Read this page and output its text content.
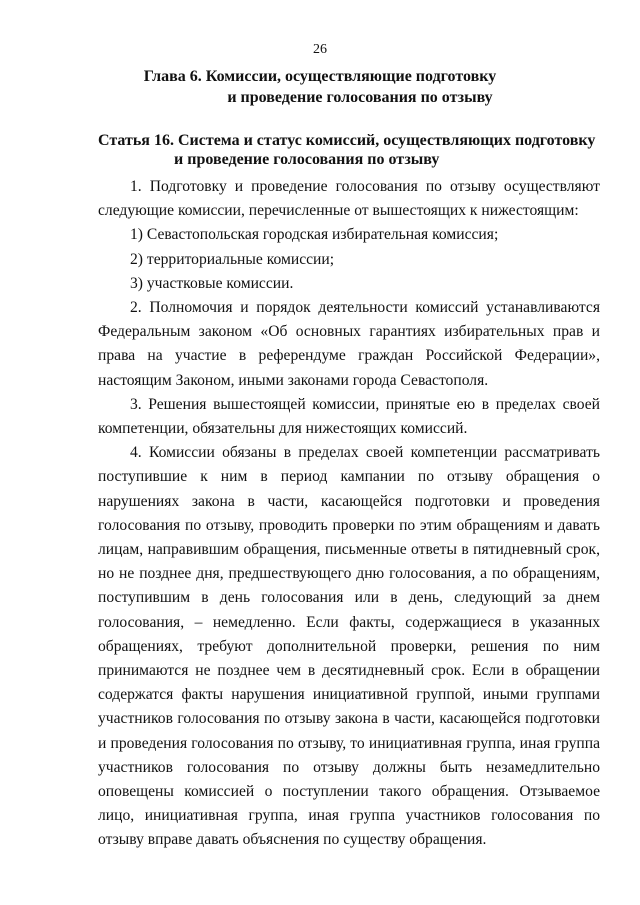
26
Глава 6. Комиссии, осуществляющие подготовку
и проведение голосования по отзыву
Статья 16. Система и статус комиссий, осуществляющих подготовку
и проведение голосования по отзыву

1. Подготовку и проведение голосования по отзыву осуществляют следующие комиссии, перечисленные от вышестоящих к нижестоящим:

1) Севастопольская городская избирательная комиссия;

2) территориальные комиссии;

3) участковые комиссии.

2. Полномочия и порядок деятельности комиссий устанавливаются Федеральным законом «Об основных гарантиях избирательных прав и права на участие в референдуме граждан Российской Федерации», настоящим Законом, иными законами города Севастополя.

3. Решения вышестоящей комиссии, принятые ею в пределах своей компетенции, обязательны для нижестоящих комиссий.

4. Комиссии обязаны в пределах своей компетенции рассматривать поступившие к ним в период кампании по отзыву обращения о нарушениях закона в части, касающейся подготовки и проведения голосования по отзыву, проводить проверки по этим обращениям и давать лицам, направившим обращения, письменные ответы в пятидневный срок, но не позднее дня, предшествующего дню голосования, а по обращениям, поступившим в день голосования или в день, следующий за днем голосования, – немедленно. Если факты, содержащиеся в указанных обращениях, требуют дополнительной проверки, решения по ним принимаются не позднее чем в десятидневный срок. Если в обращении содержатся факты нарушения инициативной группой, иными группами участников голосования по отзыву закона в части, касающейся подготовки и проведения голосования по отзыву, то инициативная группа, иная группа участников голосования по отзыву должны быть незамедлительно оповещены комиссией о поступлении такого обращения. Отзываемое лицо, инициативная группа, иная группа участников голосования по отзыву вправе давать объяснения по существу обращения.
